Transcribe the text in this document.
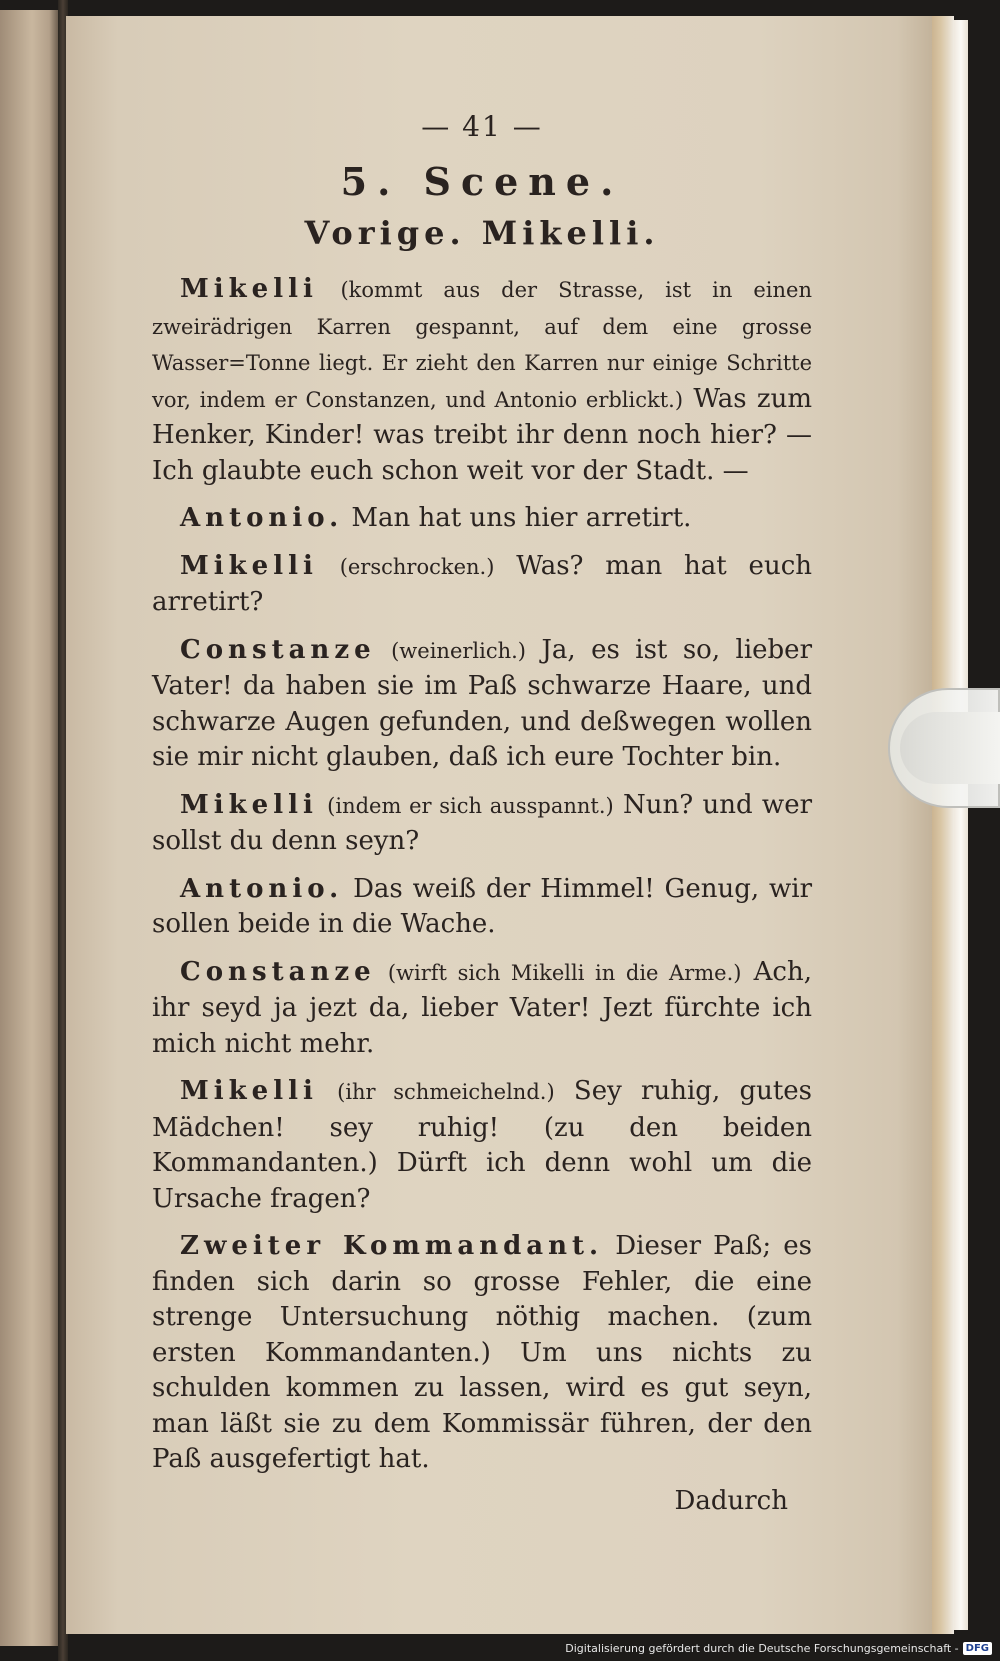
— 41 —
5. Scene.
Vorige. Mikelli.
Mikelli (kommt aus der Strasse, ist in einen zweirädrigen Karren gespannt, auf dem eine grosse Wasser=Tonne liegt. Er zieht den Karren nur einige Schritte vor, indem er Constanzen, und Antonio erblickt.) Was zum Henker, Kinder! was treibt ihr denn noch hier? — Ich glaubte euch schon weit vor der Stadt. —
Antonio. Man hat uns hier arretirt.
Mikelli (erschrocken.) Was? man hat euch arretirt?
Constanze (weinerlich.) Ja, es ist so, lieber Vater! da haben sie im Paß schwarze Haare, und schwarze Augen gefunden, und deßwegen wollen sie mir nicht glauben, daß ich eure Tochter bin.
Mikelli (indem er sich ausspannt.) Nun? und wer sollst du denn seyn?
Antonio. Das weiß der Himmel! Genug, wir sollen beide in die Wache.
Constanze (wirft sich Mikelli in die Arme.) Ach, ihr seyd ja jezt da, lieber Vater! Jezt fürchte ich mich nicht mehr.
Mikelli (ihr schmeichelnd.) Sey ruhig, gutes Mädchen! sey ruhig! (zu den beiden Kommandanten.) Dürft ich denn wohl um die Ursache fragen?
Zweiter Kommandant. Dieser Paß; es finden sich darin so grosse Fehler, die eine strenge Untersuchung nöthig machen. (zum ersten Kommandanten.) Um uns nichts zu schulden kommen zu lassen, wird es gut seyn, man läßt sie zu dem Kommissär führen, der den Paß ausgefertigt hat.
Dadurch
Digitalisierung gefördert durch die Deutsche Forschungsgemeinschaft - DFG
